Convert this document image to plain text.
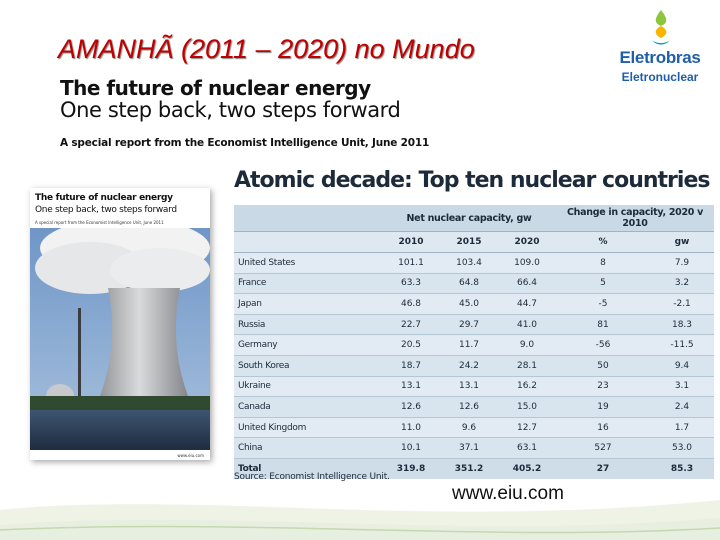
AMANHÃ (2011 – 2020) no Mundo	Eletrobras
Eletronuclear
The future of nuclear energy
One step back, two steps forward
A special report from the Economist Intelligence Unit, June 2011
The future of nuclear energy
One step back, two steps forward
A special report from the Economist Intelligence Unit, June 2011
www.eiu.com
Atomic decade: Top ten nuclear countries
	Net nuclear capacity, gw			Change in capacity, 2020 v 2010	
	2010	2015	2020	%	gw
United States	101.1	103.4	109.0	8	7.9
France	63.3	64.8	66.4	5	3.2
Japan	46.8	45.0	44.7	-5	-2.1
Russia	22.7	29.7	41.0	81	18.3
Germany	20.5	11.7	9.0	-56	-11.5
South Korea	18.7	24.2	28.1	50	9.4
Ukraine	13.1	13.1	16.2	23	3.1
Canada	12.6	12.6	15.0	19	2.4
United Kingdom	11.0	9.6	12.7	16	1.7
China	10.1	37.1	63.1	527	53.0
Total	319.8	351.2	405.2	27	85.3
Source: Economist Intelligence Unit.
www.eiu.com
